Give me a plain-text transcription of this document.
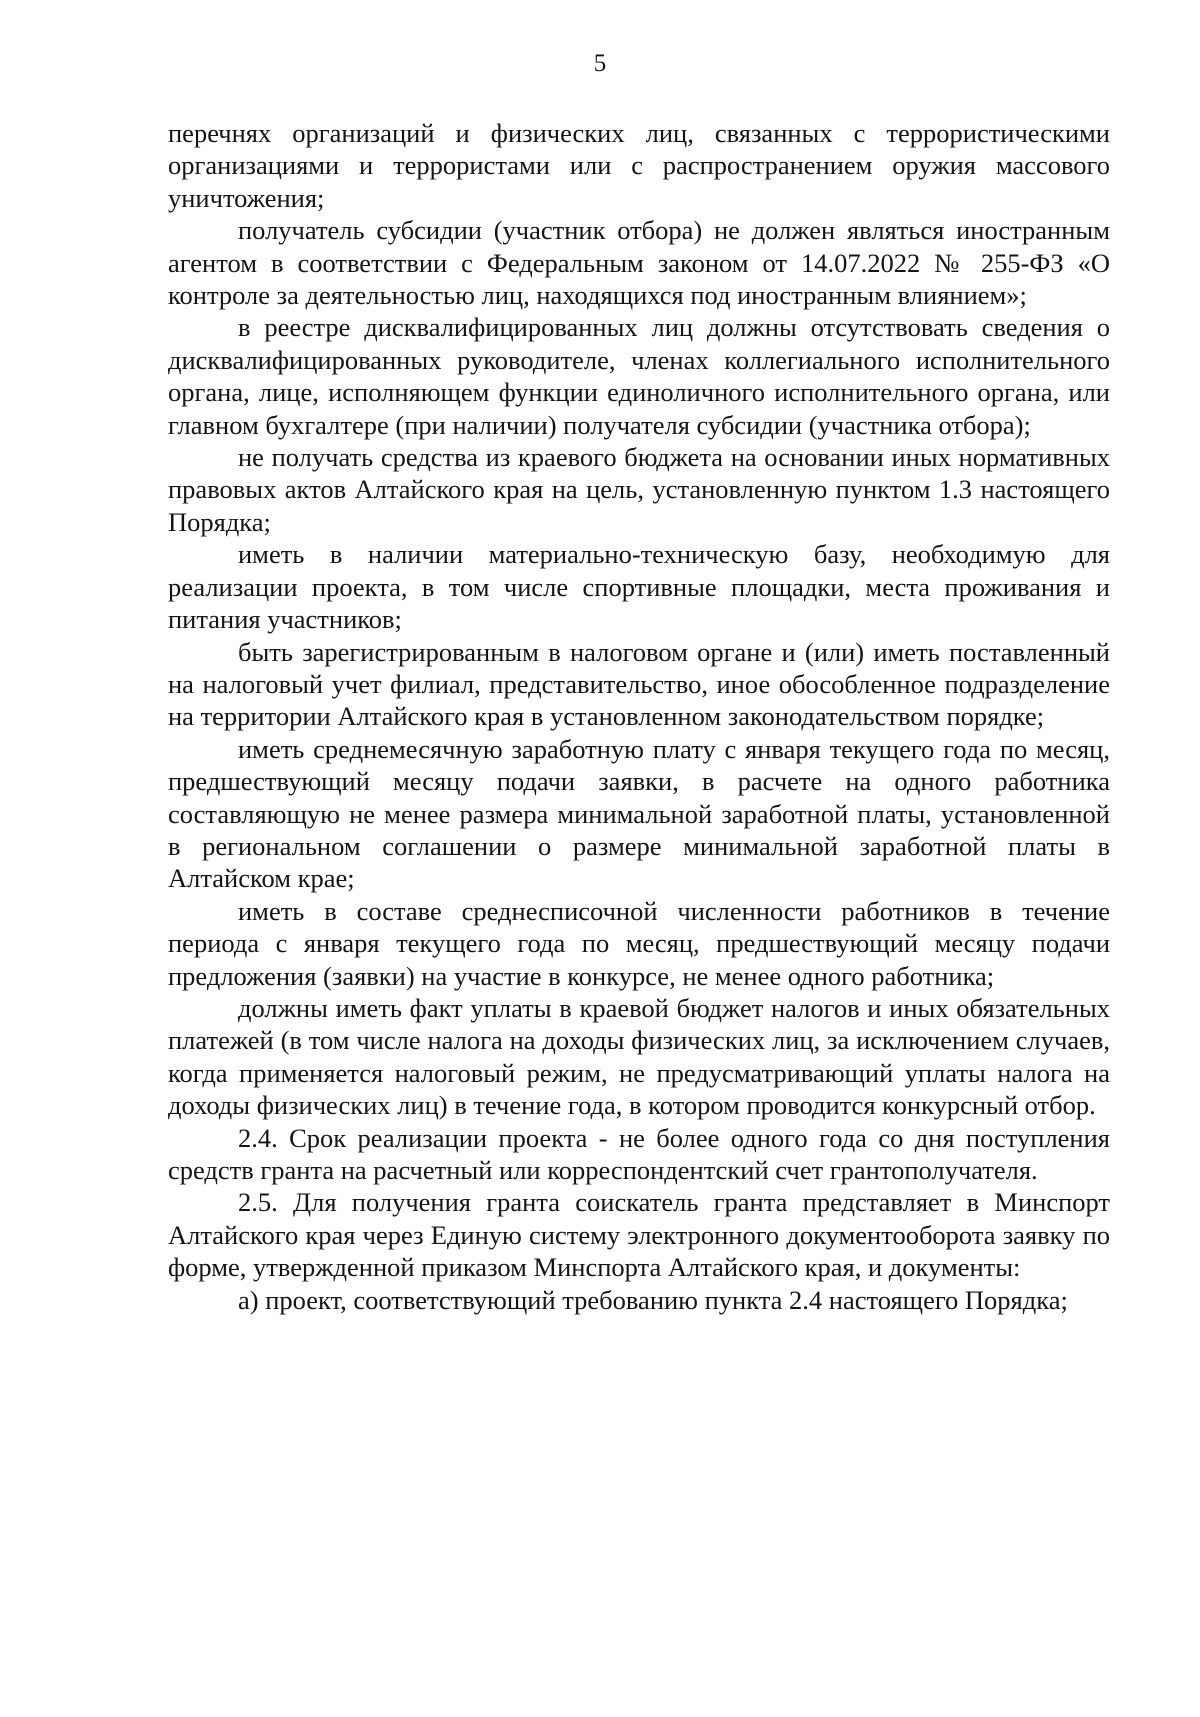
5

перечнях организаций и физических лиц, связанных с террористическими организациями и террористами или с распространением оружия массового уничтожения;

получатель субсидии (участник отбора) не должен являться иностранным агентом в соответствии с Федеральным законом от 14.07.2022 № 255-ФЗ «О контроле за деятельностью лиц, находящихся под иностранным влиянием»;

в реестре дисквалифицированных лиц должны отсутствовать сведения о дисквалифицированных руководителе, членах коллегиального исполнительного органа, лице, исполняющем функции единоличного исполнительного органа, или главном бухгалтере (при наличии) получателя субсидии (участника отбора);

не получать средства из краевого бюджета на основании иных нормативных правовых актов Алтайского края на цель, установленную пунктом 1.3 настоящего Порядка;

иметь в наличии материально-техническую базу, необходимую для реализации проекта, в том числе спортивные площадки, места проживания и питания участников;

быть зарегистрированным в налоговом органе и (или) иметь поставленный на налоговый учет филиал, представительство, иное обособленное подразделение на территории Алтайского края в установленном законодательством порядке;

иметь среднемесячную заработную плату с января текущего года по месяц, предшествующий месяцу подачи заявки, в расчете на одного работника составляющую не менее размера минимальной заработной платы, установленной в региональном соглашении о размере минимальной заработной платы в Алтайском крае;

иметь в составе среднесписочной численности работников в течение периода с января текущего года по месяц, предшествующий месяцу подачи предложения (заявки) на участие в конкурсе, не менее одного работника;

должны иметь факт уплаты в краевой бюджет налогов и иных обязательных платежей (в том числе налога на доходы физических лиц, за исключением случаев, когда применяется налоговый режим, не предусматривающий уплаты налога на доходы физических лиц) в течение года, в котором проводится конкурсный отбор.

2.4. Срок реализации проекта - не более одного года со дня поступления средств гранта на расчетный или корреспондентский счет грантополучателя.

2.5. Для получения гранта соискатель гранта представляет в Минспорт Алтайского края через Единую систему электронного документооборота заявку по форме, утвержденной приказом Минспорта Алтайского края, и документы:

а) проект, соответствующий требованию пункта 2.4 настоящего Порядка;
